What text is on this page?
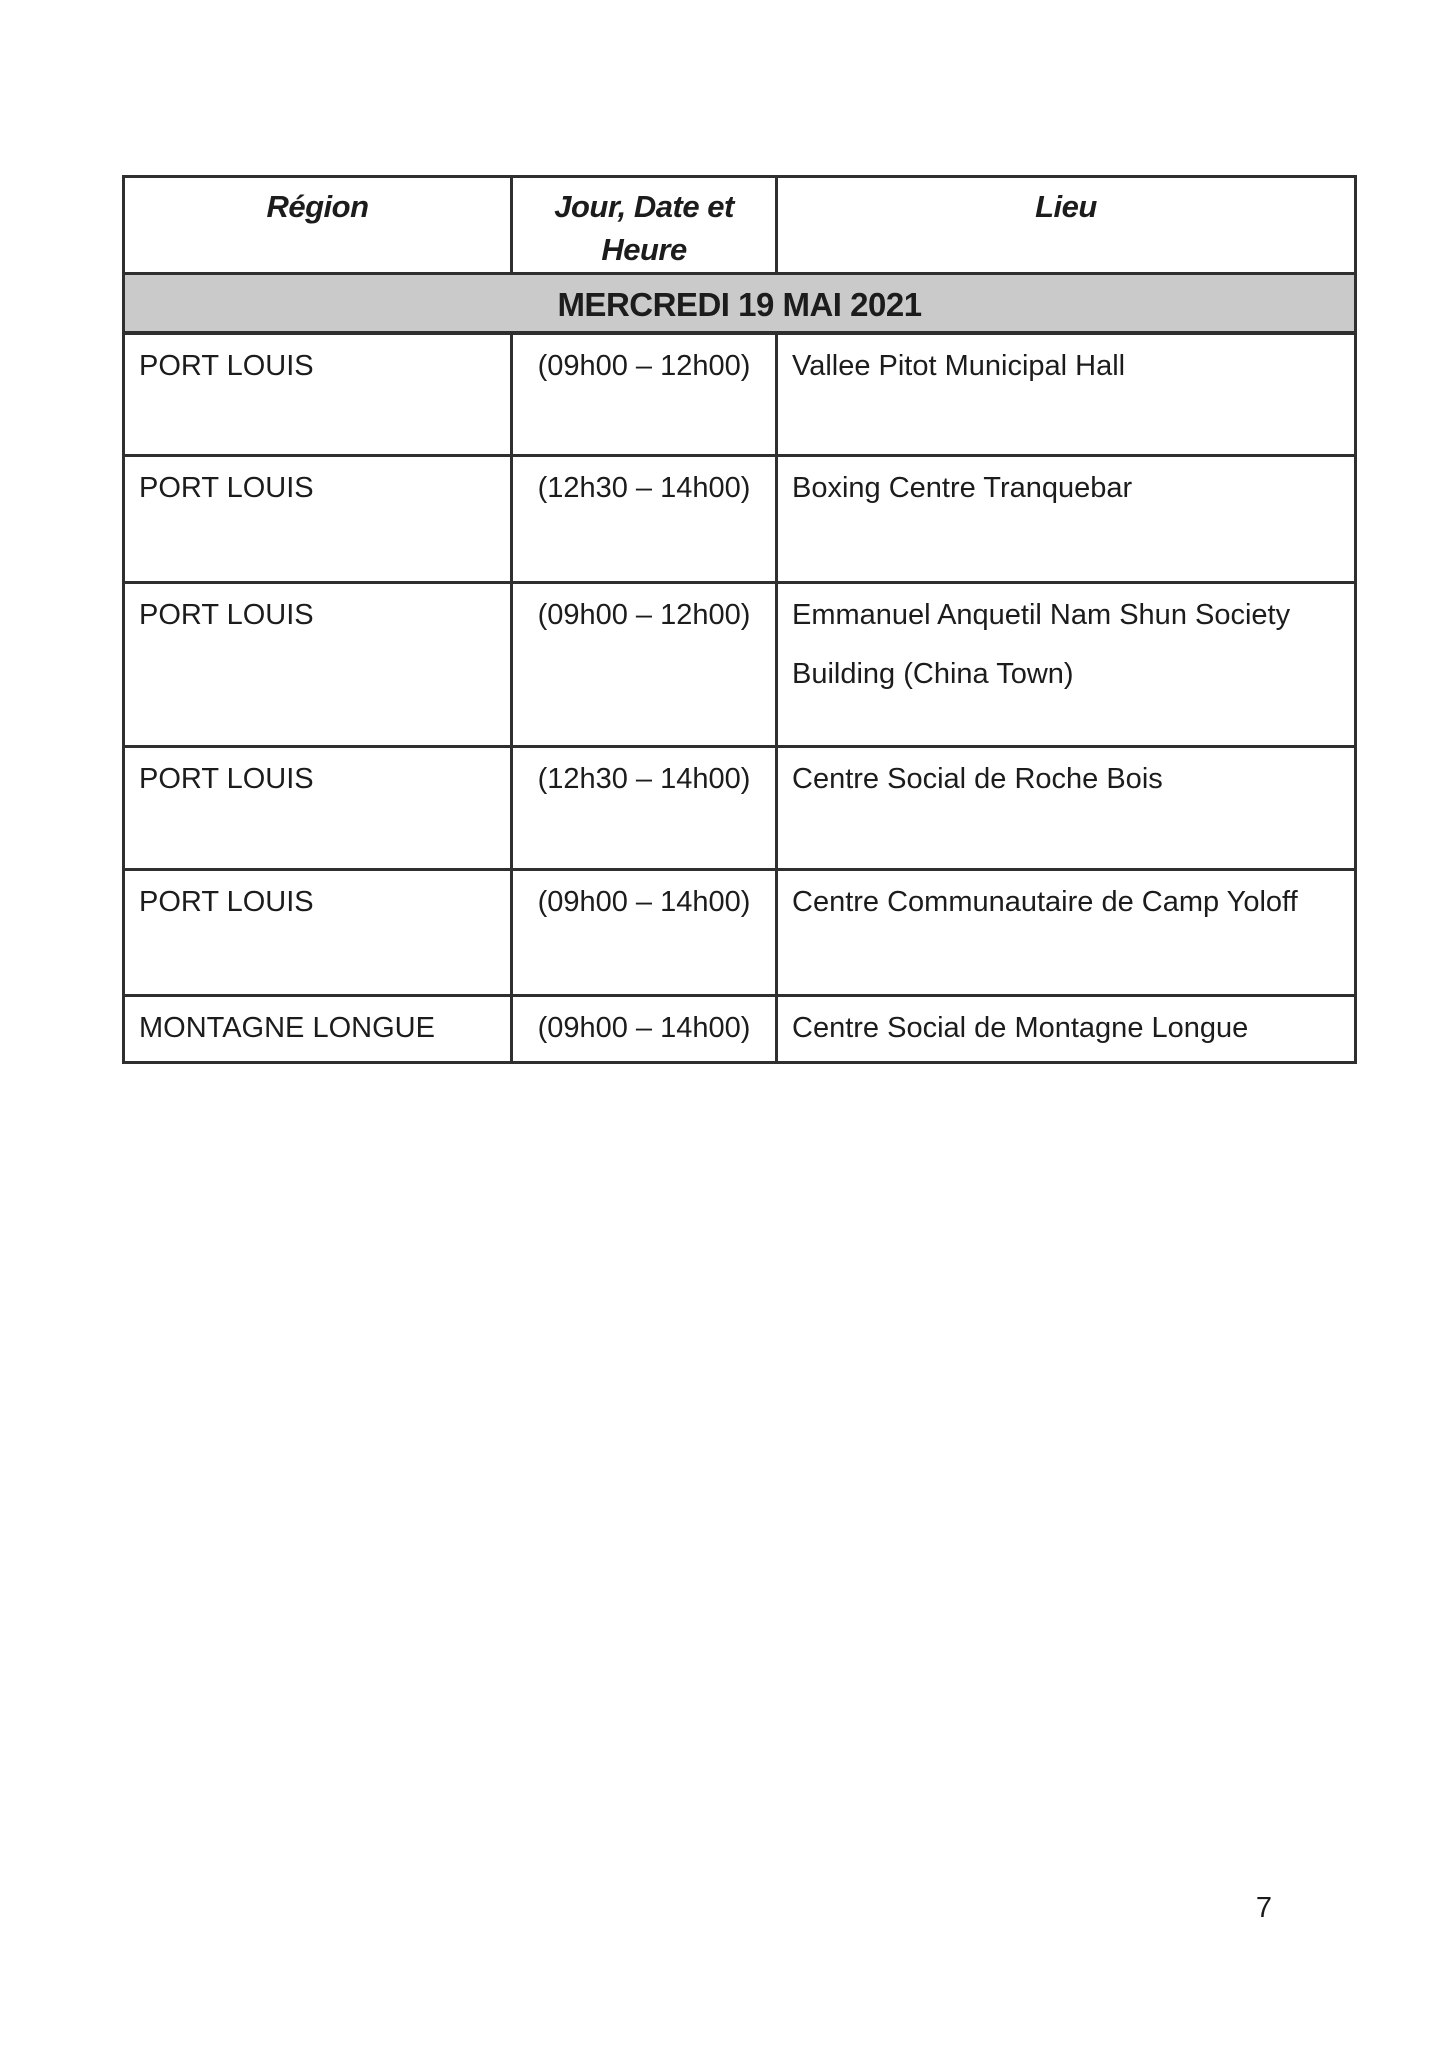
Région	Jour, Date et Heure	Lieu
MERCREDI 19 MAI 2021		
PORT LOUIS	(09h00 – 12h00)	Vallee Pitot Municipal Hall
PORT LOUIS	(12h30 – 14h00)	Boxing Centre Tranquebar
PORT LOUIS	(09h00 – 12h00)	Emmanuel Anquetil Nam Shun Society Building (China Town)
PORT LOUIS	(12h30 – 14h00)	Centre Social de Roche Bois
PORT LOUIS	(09h00 – 14h00)	Centre Communautaire de Camp Yoloff
MONTAGNE LONGUE	(09h00 – 14h00)	Centre Social de Montagne Longue
7
